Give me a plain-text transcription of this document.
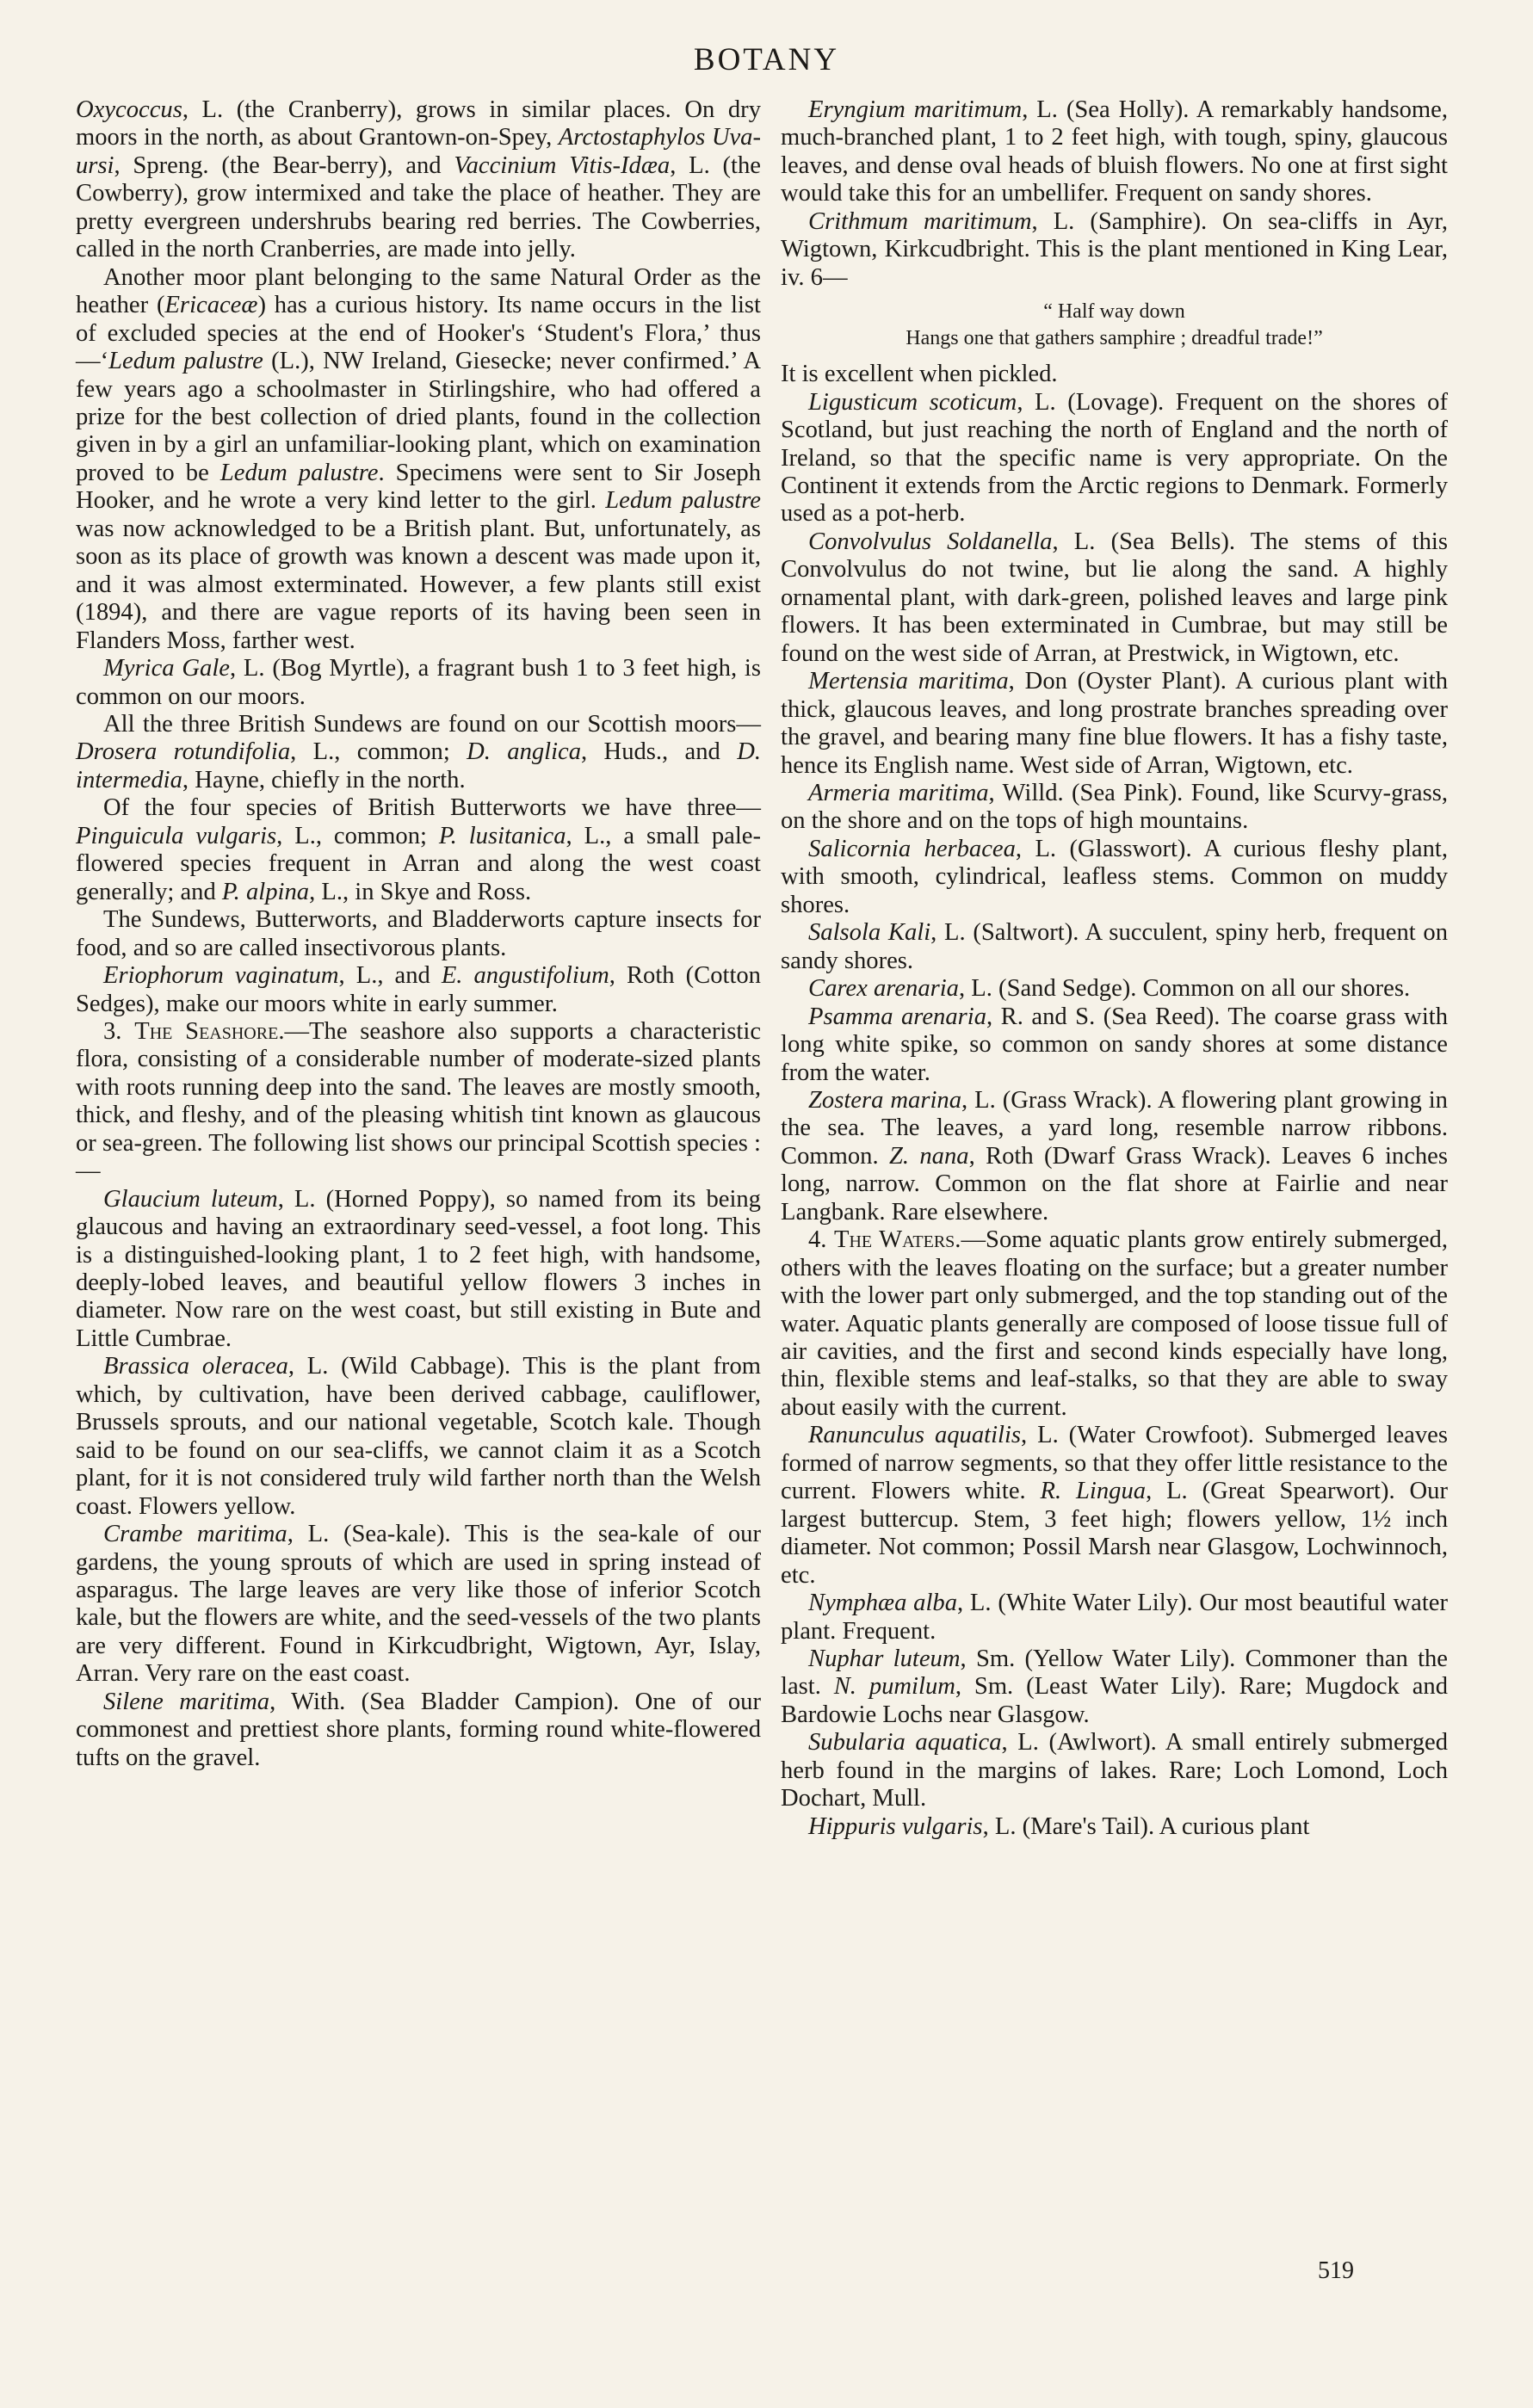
BOTANY

Oxycoccus, L. (the Cranberry), grows in similar places. On dry moors in the north, as about Grantown-on-Spey, Arctostaphylos Uva-ursi, Spreng. (the Bear-berry), and Vaccinium Vitis-Idæa, L. (the Cowberry), grow intermixed and take the place of heather. They are pretty evergreen undershrubs bearing red berries. The Cowberries, called in the north Cranberries, are made into jelly.

Another moor plant belonging to the same Natural Order as the heather (Ericaceæ) has a curious history. Its name occurs in the list of excluded species at the end of Hooker's ‘Student's Flora,’ thus—‘Ledum palustre (L.), NW Ireland, Giesecke; never confirmed.’ A few years ago a schoolmaster in Stirlingshire, who had offered a prize for the best collection of dried plants, found in the collection given in by a girl an unfamiliar-looking plant, which on examination proved to be Ledum palustre. Specimens were sent to Sir Joseph Hooker, and he wrote a very kind letter to the girl. Ledum palustre was now acknowledged to be a British plant. But, unfortunately, as soon as its place of growth was known a descent was made upon it, and it was almost exterminated. However, a few plants still exist (1894), and there are vague reports of its having been seen in Flanders Moss, farther west.

Myrica Gale, L. (Bog Myrtle), a fragrant bush 1 to 3 feet high, is common on our moors.

All the three British Sundews are found on our Scottish moors—Drosera rotundifolia, L., common; D. anglica, Huds., and D. intermedia, Hayne, chiefly in the north.

Of the four species of British Butterworts we have three—Pinguicula vulgaris, L., common; P. lusitanica, L., a small pale-flowered species frequent in Arran and along the west coast generally; and P. alpina, L., in Skye and Ross.

The Sundews, Butterworts, and Bladderworts capture insects for food, and so are called insectivorous plants.

Eriophorum vaginatum, L., and E. angustifolium, Roth (Cotton Sedges), make our moors white in early summer.

3. The Seashore.—The seashore also supports a characteristic flora, consisting of a considerable number of moderate-sized plants with roots running deep into the sand. The leaves are mostly smooth, thick, and fleshy, and of the pleasing whitish tint known as glaucous or sea-green. The following list shows our principal Scottish species :—

Glaucium luteum, L. (Horned Poppy), so named from its being glaucous and having an extraordinary seed-vessel, a foot long. This is a distinguished-looking plant, 1 to 2 feet high, with handsome, deeply-lobed leaves, and beautiful yellow flowers 3 inches in diameter. Now rare on the west coast, but still existing in Bute and Little Cumbrae.

Brassica oleracea, L. (Wild Cabbage). This is the plant from which, by cultivation, have been derived cabbage, cauliflower, Brussels sprouts, and our national vegetable, Scotch kale. Though said to be found on our sea-cliffs, we cannot claim it as a Scotch plant, for it is not considered truly wild farther north than the Welsh coast. Flowers yellow.

Crambe maritima, L. (Sea-kale). This is the sea-kale of our gardens, the young sprouts of which are used in spring instead of asparagus. The large leaves are very like those of inferior Scotch kale, but the flowers are white, and the seed-vessels of the two plants are very different. Found in Kirkcudbright, Wigtown, Ayr, Islay, Arran. Very rare on the east coast.

Silene maritima, With. (Sea Bladder Campion). One of our commonest and prettiest shore plants, forming round white-flowered tufts on the gravel.

Eryngium maritimum, L. (Sea Holly). A remarkably handsome, much-branched plant, 1 to 2 feet high, with tough, spiny, glaucous leaves, and dense oval heads of bluish flowers. No one at first sight would take this for an umbellifer. Frequent on sandy shores.

Crithmum maritimum, L. (Samphire). On sea-cliffs in Ayr, Wigtown, Kirkcudbright. This is the plant mentioned in King Lear, iv. 6—

“ Half way down
Hangs one that gathers samphire ; dreadful trade!”

It is excellent when pickled.

Ligusticum scoticum, L. (Lovage). Frequent on the shores of Scotland, but just reaching the north of England and the north of Ireland, so that the specific name is very appropriate. On the Continent it extends from the Arctic regions to Denmark. Formerly used as a pot-herb.

Convolvulus Soldanella, L. (Sea Bells). The stems of this Convolvulus do not twine, but lie along the sand. A highly ornamental plant, with dark-green, polished leaves and large pink flowers. It has been exterminated in Cumbrae, but may still be found on the west side of Arran, at Prestwick, in Wigtown, etc.

Mertensia maritima, Don (Oyster Plant). A curious plant with thick, glaucous leaves, and long prostrate branches spreading over the gravel, and bearing many fine blue flowers. It has a fishy taste, hence its English name. West side of Arran, Wigtown, etc.

Armeria maritima, Willd. (Sea Pink). Found, like Scurvy-grass, on the shore and on the tops of high mountains.

Salicornia herbacea, L. (Glasswort). A curious fleshy plant, with smooth, cylindrical, leafless stems. Common on muddy shores.

Salsola Kali, L. (Saltwort). A succulent, spiny herb, frequent on sandy shores.

Carex arenaria, L. (Sand Sedge). Common on all our shores.

Psamma arenaria, R. and S. (Sea Reed). The coarse grass with long white spike, so common on sandy shores at some distance from the water.

Zostera marina, L. (Grass Wrack). A flowering plant growing in the sea. The leaves, a yard long, resemble narrow ribbons. Common. Z. nana, Roth (Dwarf Grass Wrack). Leaves 6 inches long, narrow. Common on the flat shore at Fairlie and near Langbank. Rare elsewhere.

4. The Waters.—Some aquatic plants grow entirely submerged, others with the leaves floating on the surface; but a greater number with the lower part only submerged, and the top standing out of the water. Aquatic plants generally are composed of loose tissue full of air cavities, and the first and second kinds especially have long, thin, flexible stems and leaf-stalks, so that they are able to sway about easily with the current.

Ranunculus aquatilis, L. (Water Crowfoot). Submerged leaves formed of narrow segments, so that they offer little resistance to the current. Flowers white. R. Lingua, L. (Great Spearwort). Our largest buttercup. Stem, 3 feet high; flowers yellow, 1½ inch diameter. Not common; Possil Marsh near Glasgow, Lochwinnoch, etc.

Nymphæa alba, L. (White Water Lily). Our most beautiful water plant. Frequent.

Nuphar luteum, Sm. (Yellow Water Lily). Commoner than the last. N. pumilum, Sm. (Least Water Lily). Rare; Mugdock and Bardowie Lochs near Glasgow.

Subularia aquatica, L. (Awlwort). A small entirely submerged herb found in the margins of lakes. Rare; Loch Lomond, Loch Dochart, Mull.

Hippuris vulgaris, L. (Mare's Tail). A curious plant

519
